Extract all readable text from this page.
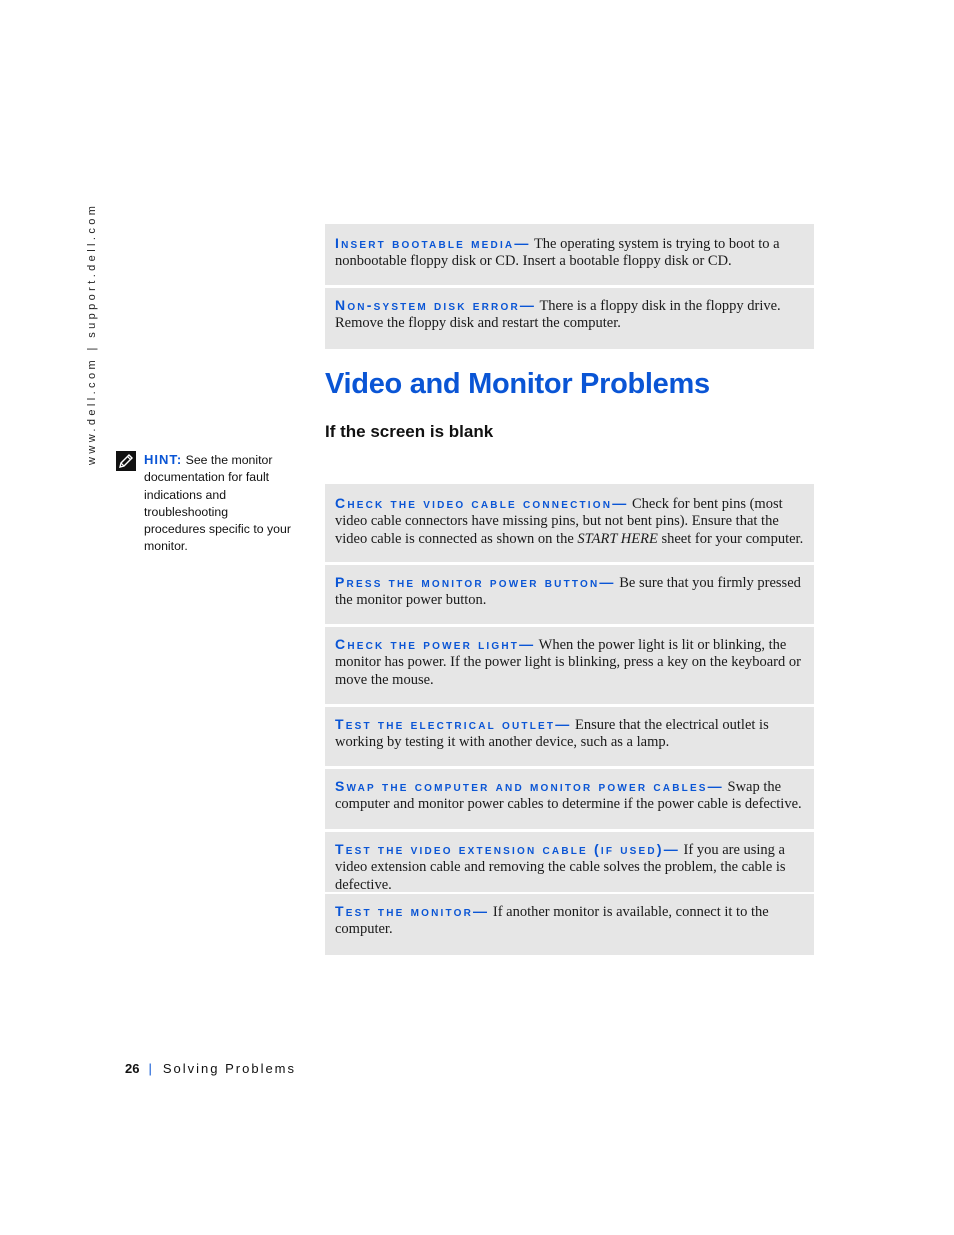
www.dell.com | support.dell.com	Insert bootable media— The operating system is trying to boot to a nonbootable floppy disk or CD. Insert a bootable floppy disk or CD.
Non-system disk error— There is a floppy disk in the floppy drive. Remove the floppy disk and restart the computer.
Video and Monitor Problems
If the screen is blank
HINT: See the monitor documentation for fault indications and troubleshooting procedures specific to your monitor.
Check the video cable connection— Check for bent pins (most video cable connectors have missing pins, but not bent pins). Ensure that the video cable is connected as shown on the START HERE sheet for your computer.
Press the monitor power button— Be sure that you firmly pressed the monitor power button.
Check the power light— When the power light is lit or blinking, the monitor has power. If the power light is blinking, press a key on the keyboard or move the mouse.
Test the electrical outlet— Ensure that the electrical outlet is working by testing it with another device, such as a lamp.
Swap the computer and monitor power cables— Swap the computer and monitor power cables to determine if the power cable is defective.
Test the video extension cable (if used)— If you are using a video extension cable and removing the cable solves the problem, the cable is defective.
Test the monitor— If another monitor is available, connect it to the computer.
26 | Solving Problems
